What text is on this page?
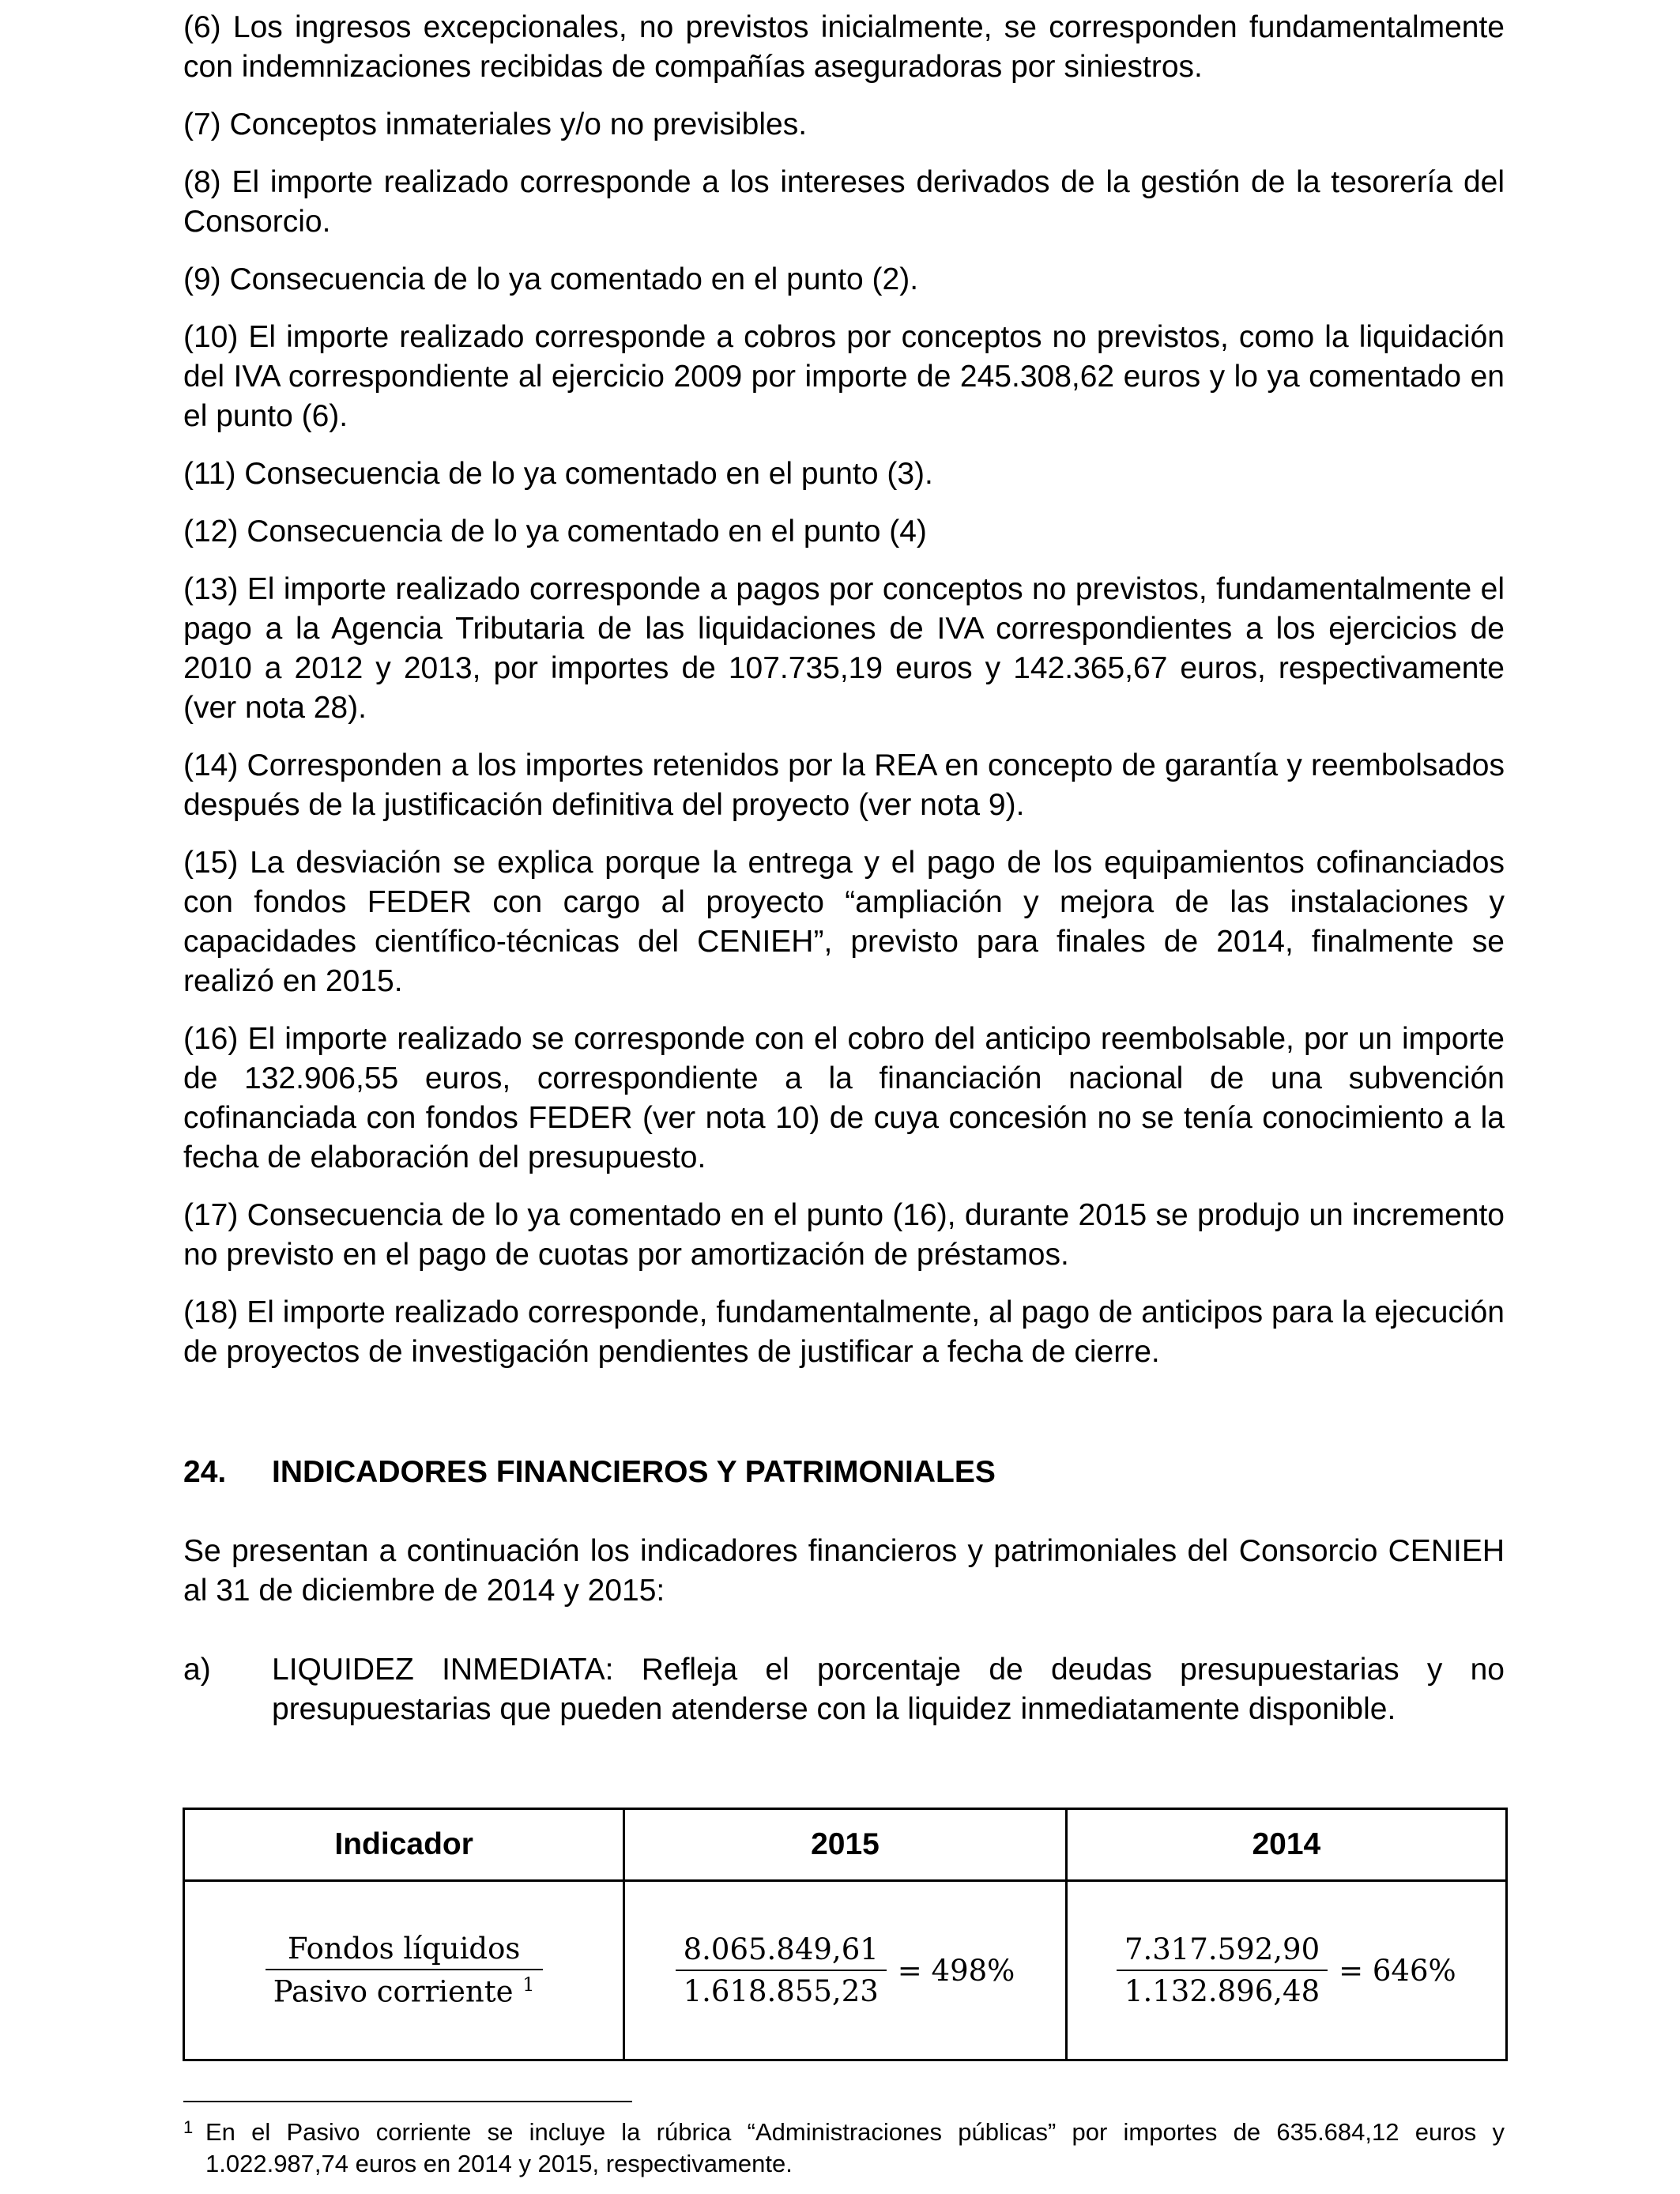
(6) Los ingresos excepcionales, no previstos inicialmente, se corresponden fundamentalmente con indemnizaciones recibidas de compañías aseguradoras por siniestros.

(7) Conceptos inmateriales y/o no previsibles.

(8) El importe realizado corresponde a los intereses derivados de la gestión de la tesorería del Consorcio.

(9) Consecuencia de lo ya comentado en el punto (2).

(10) El importe realizado corresponde a cobros por conceptos no previstos, como la liquidación del IVA correspondiente al ejercicio 2009 por importe de 245.308,62 euros y lo ya comentado en el punto (6).

(11) Consecuencia de lo ya comentado en el punto (3).

(12) Consecuencia de lo ya comentado en el punto (4)

(13) El importe realizado corresponde a pagos por conceptos no previstos, fundamentalmente el pago a la Agencia Tributaria de las liquidaciones de IVA correspondientes a los ejercicios de 2010 a 2012 y 2013, por importes de 107.735,19 euros y 142.365,67 euros, respectivamente (ver nota 28).

(14) Corresponden a los importes retenidos por la REA en concepto de garantía y reembolsados después de la justificación definitiva del proyecto (ver nota 9).

(15) La desviación se explica porque la entrega y el pago de los equipamientos cofinanciados con fondos FEDER con cargo al proyecto “ampliación y mejora de las instalaciones y capacidades científico-técnicas del CENIEH”, previsto para finales de 2014, finalmente se realizó en 2015.

(16) El importe realizado se corresponde con el cobro del anticipo reembolsable, por un importe de 132.906,55 euros, correspondiente a la financiación nacional de una subvención cofinanciada con fondos FEDER (ver nota 10) de cuya concesión no se tenía conocimiento a la fecha de elaboración del presupuesto.

(17) Consecuencia de lo ya comentado en el punto (16), durante 2015 se produjo un incremento no previsto en el pago de cuotas por amortización de préstamos.

(18) El importe realizado corresponde, fundamentalmente, al pago de anticipos para la ejecución de proyectos de investigación pendientes de justificar a fecha de cierre.

24.	INDICADORES FINANCIEROS Y PATRIMONIALES

Se presentan a continuación los indicadores financieros y patrimoniales del Consorcio CENIEH al 31 de diciembre de 2014 y 2015:

a)	LIQUIDEZ INMEDIATA: Refleja el porcentaje de deudas presupuestarias y no presupuestarias que pueden atenderse con la liquidez inmediatamente disponible.
Indicador	2015	2014

$\frac{\text{Fondos líquidos}}{Pasivo corriente ^1}$	$\frac{8.065.849,61}{1.618.855,23} = 498\%$	$\frac{7.317.592,90}{1.132.896,48} = 646\%$
1 En el Pasivo corriente se incluye la rúbrica “Administraciones públicas” por importes de 635.684,12 euros y 1.022.987,74 euros en 2014 y 2015, respectivamente.
